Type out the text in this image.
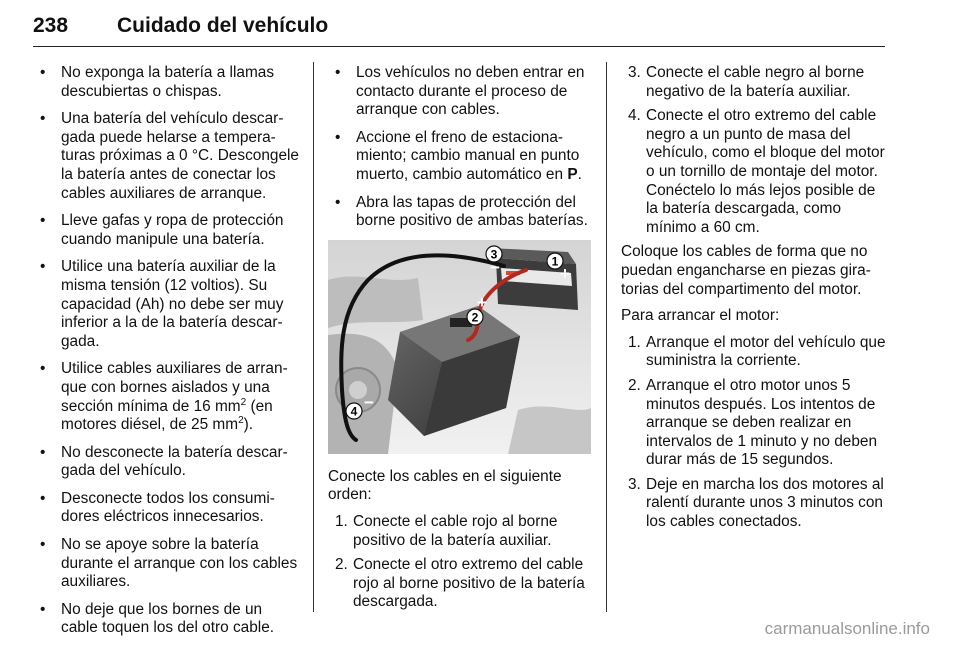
238 Cuidado del vehículo
• No exponga la batería a llamas descubiertas o chispas.
• Una batería del vehículo descargada puede helarse a temperaturas próximas a 0 °C. Descongele la batería antes de conectar los cables auxiliares de arranque.
• Lleve gafas y ropa de protección cuando manipule una batería.
• Utilice una batería auxiliar de la misma tensión (12 voltios). Su capacidad (Ah) no debe ser muy inferior a la de la batería descargada.
• Utilice cables auxiliares de arranque con bornes aislados y una sección mínima de 16 $mm^2$ (en motores diésel, de 25 $mm^2$).
• No desconecte la batería descargada del vehículo.
• Desconecte todos los consumidores eléctricos innecesarios.
• No se apoye sobre la batería durante el arranque con los cables auxiliares.
• No deje que los bornes de un cable toquen los del otro cable.
• Los vehículos no deben entrar en contacto durante el proceso de arranque con cables.
• Accione el freno de estacionamiento; cambio manual en punto muerto, cambio automático en P.
• Abra las tapas de protección del borne positivo de ambas baterías.
1
+
3
−
2
+
4 −

Conecte los cables en el siguiente orden:

1. Conecte el cable rojo al borne positivo de la batería auxiliar.
2. Conecte el otro extremo del cable rojo al borne positivo de la batería descargada.
3. Conecte el cable negro al borne negativo de la batería auxiliar.
4. Conecte el otro extremo del cable negro a un punto de masa del vehículo, como el bloque del motor o un tornillo de montaje del motor. Conéctelo lo más lejos posible de la batería descargada, como mínimo a 60 cm.

Coloque los cables de forma que no puedan engancharse en piezas giratorias del compartimento del motor.

Para arrancar el motor:

1. Arranque el motor del vehículo que suministra la corriente.
2. Arranque el otro motor unos 5 minutos después. Los intentos de arranque se deben realizar en intervalos de 1 minuto y no deben durar más de 15 segundos.
3. Deje en marcha los dos motores al ralentí durante unos 3 minutos con los cables conectados.
carmanualsonline.info
